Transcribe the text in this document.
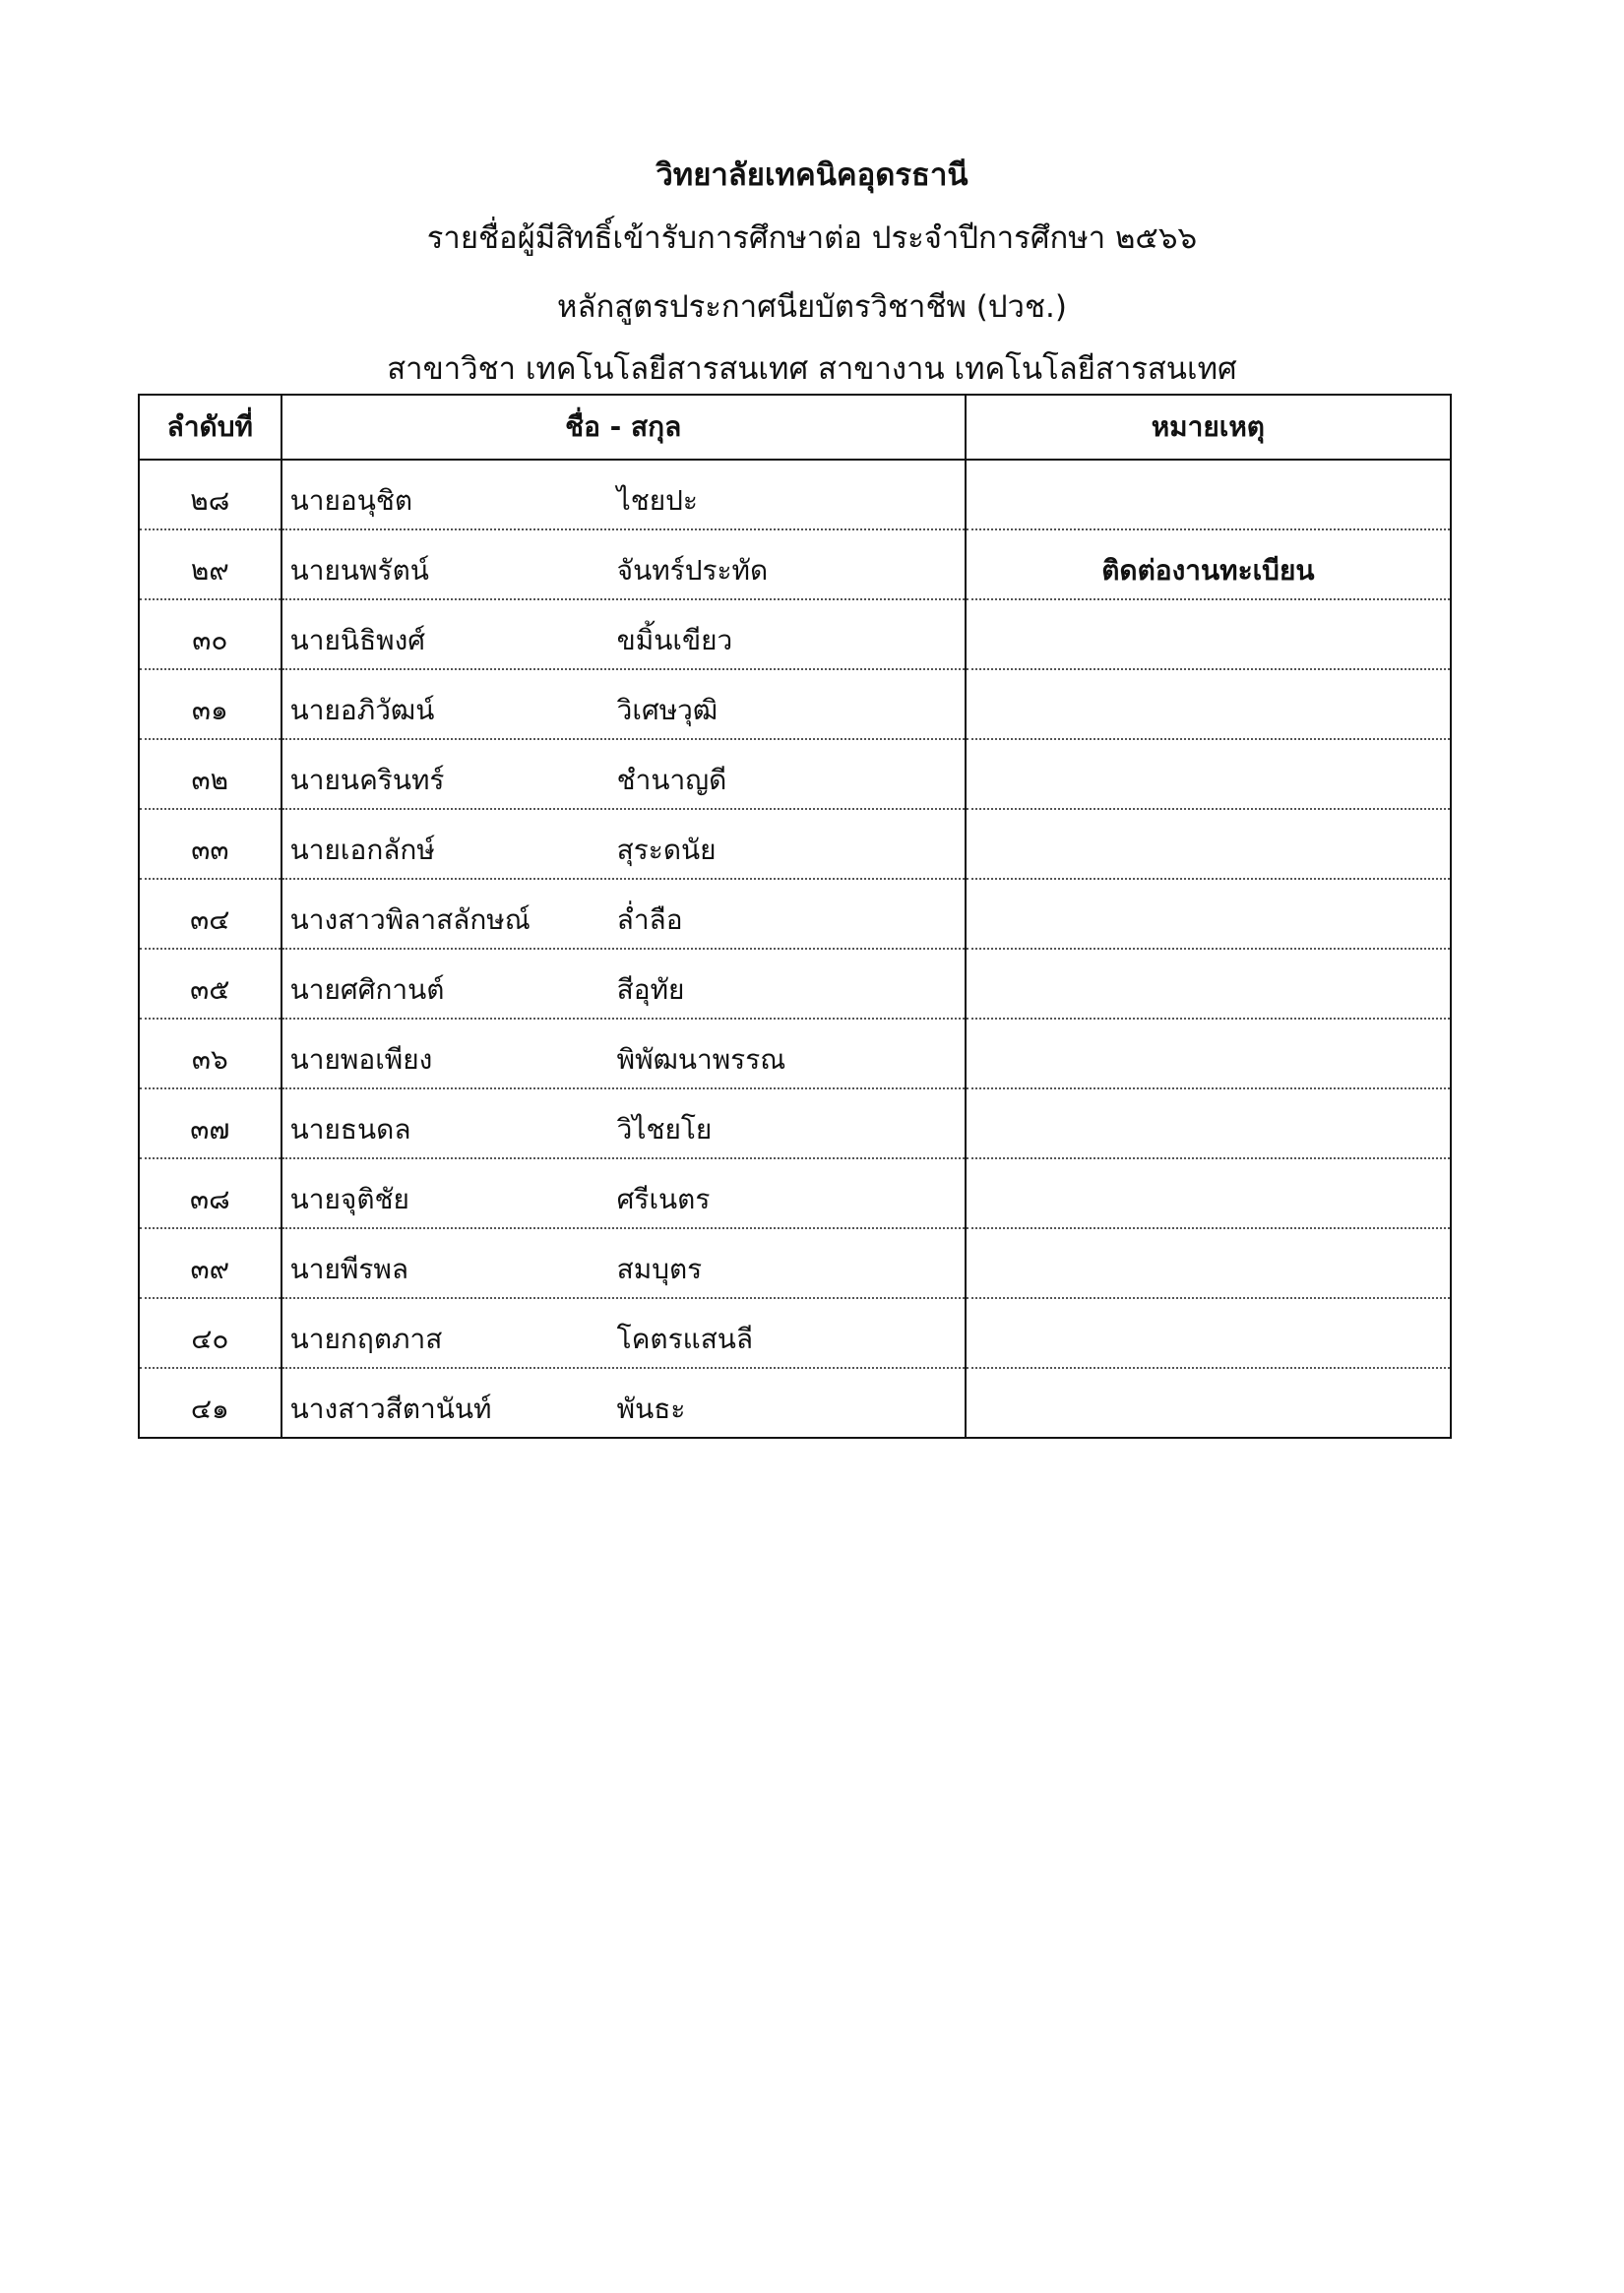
วิทยาลัยเทคนิคอุดรธานี
รายชื่อผู้มีสิทธิ์เข้ารับการศึกษาต่อ ประจำปีการศึกษา ๒๕๖๖
หลักสูตรประกาศนียบัตรวิชาชีพ (ปวช.)
สาขาวิชา เทคโนโลยีสารสนเทศ สาขางาน เทคโนโลยีสารสนเทศ
ลำดับที่	ชื่อ - สกุล	หมายเหตุ
๒๘	นายอนุชิต ไชยปะ	

๒๙	นายนพรัตน์ จันทร์ประทัด	ติดต่องานทะเบียน
๓๐	นายนิธิพงศ์ ขมิ้นเขียว	

๓๑	นายอภิวัฒน์ วิเศษวุฒิ	

๓๒	นายนครินทร์ ชำนาญดี	

๓๓	นายเอกลักษ์ สุระดนัย	

๓๔	นางสาวพิลาสลักษณ์ ล่ำลือ	

๓๕	นายศศิกานต์ สีอุทัย	

๓๖	นายพอเพียง พิพัฒนาพรรณ	

๓๗	นายธนดล วิไชยโย	

๓๘	นายจุติชัย ศรีเนตร	

๓๙	นายพีรพล สมบุตร	

๔๐	นายกฤตภาส โคตรแสนลี	

๔๑	นางสาวสีตานันท์ พันธะ	
